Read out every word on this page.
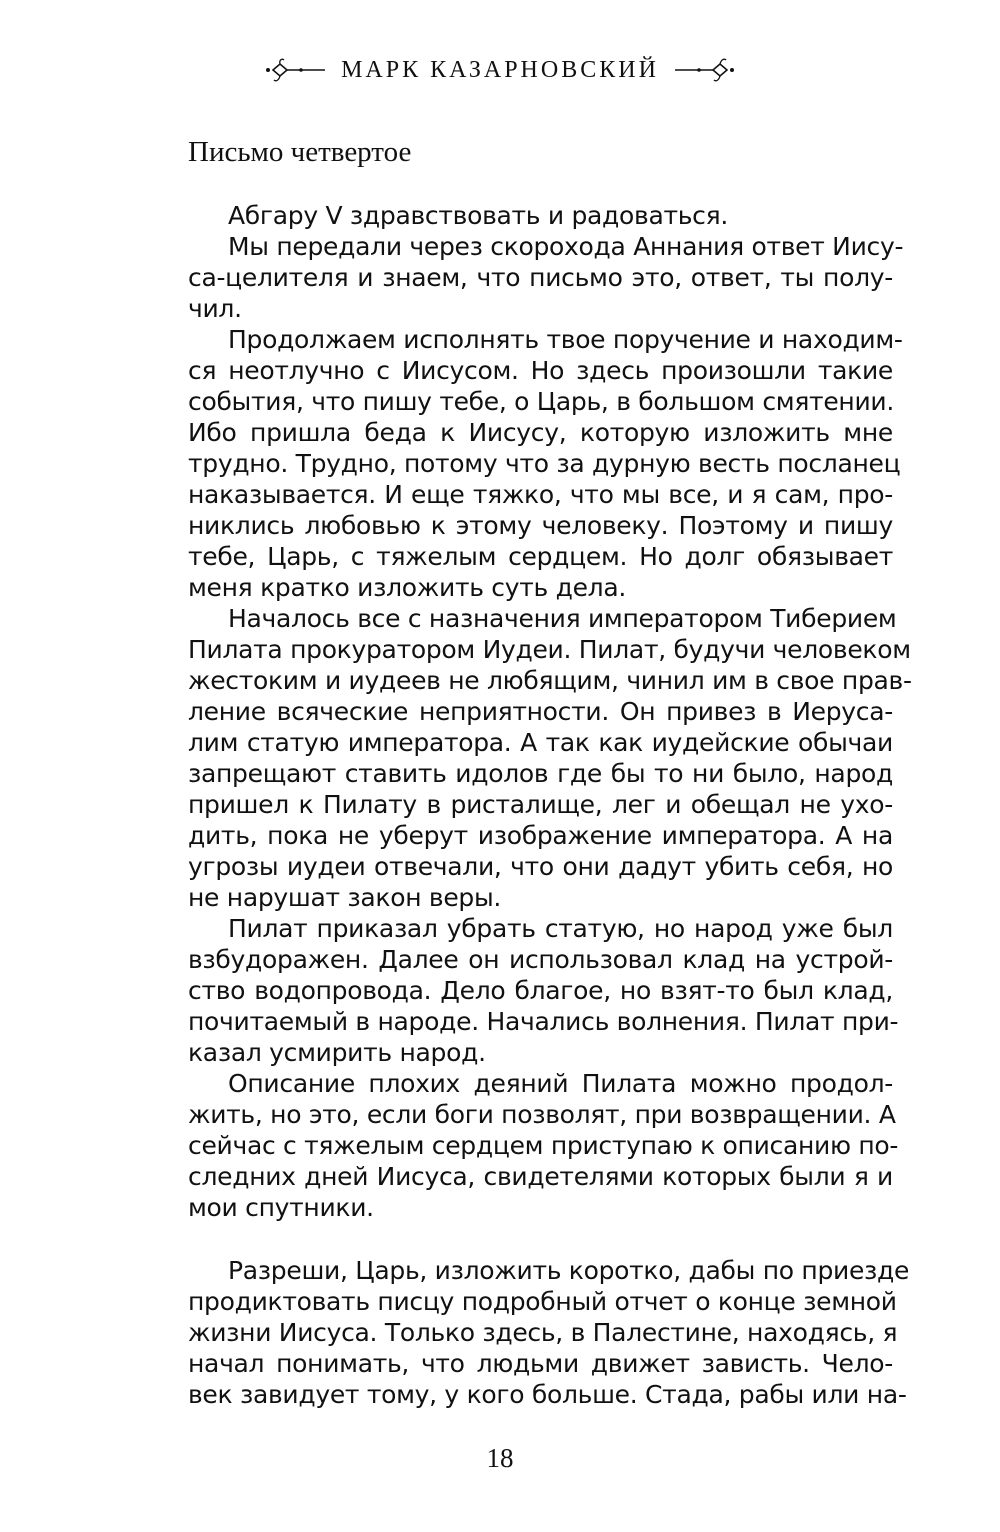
МАРК КАЗАРНОВСКИЙ
Письмо четвертое
Абгару V здравствовать и радоваться.
Мы передали через скорохода Аннания ответ Иису-
са-целителя и знаем, что письмо это, ответ, ты полу-
чил.
Продолжаем исполнять твое поручение и находим-
ся неотлучно с Иисусом. Но здесь произошли такие
события, что пишу тебе, о Царь, в большом смятении.
Ибо пришла беда к Иисусу, которую изложить мне
трудно. Трудно, потому что за дурную весть посланец
наказывается. И еще тяжко, что мы все, и я сам, про-
никлись любовью к этому человеку. Поэтому и пишу
тебе, Царь, с тяжелым сердцем. Но долг обязывает
меня кратко изложить суть дела.
Началось все с назначения императором Тиберием
Пилата прокуратором Иудеи. Пилат, будучи человеком
жестоким и иудеев не любящим, чинил им в свое прав-
ление всяческие неприятности. Он привез в Иеруса-
лим статую императора. А так как иудейские обычаи
запрещают ставить идолов где бы то ни было, народ
пришел к Пилату в ристалище, лег и обещал не ухо-
дить, пока не уберут изображение императора. А на
угрозы иудеи отвечали, что они дадут убить себя, но
не нарушат закон веры.
Пилат приказал убрать статую, но народ уже был
взбудоражен. Далее он использовал клад на устрой-
ство водопровода. Дело благое, но взят-то был клад,
почитаемый в народе. Начались волнения. Пилат при-
казал усмирить народ.
Описание плохих деяний Пилата можно продол-
жить, но это, если боги позволят, при возвращении. А
сейчас с тяжелым сердцем приступаю к описанию по-
следних дней Иисуса, свидетелями которых были я и
мои спутники.
Разреши, Царь, изложить коротко, дабы по приезде
продиктовать писцу подробный отчет о конце земной
жизни Иисуса. Только здесь, в Палестине, находясь, я
начал понимать, что людьми движет зависть. Чело-
век завидует тому, у кого больше. Стада, рабы или на-
18
